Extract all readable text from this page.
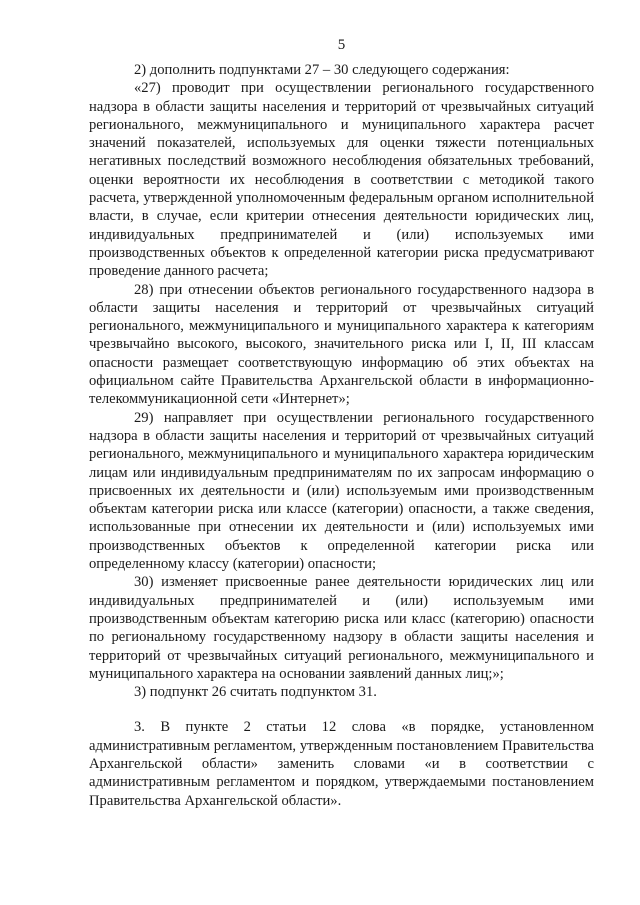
5

2) дополнить подпунктами 27 – 30 следующего содержания:

«27) проводит при осуществлении регионального государственного надзора в области защиты населения и территорий от чрезвычайных ситуаций регионального, межмуниципального и муниципального характера расчет значений показателей, используемых для оценки тяжести потенциальных негативных последствий возможного несоблюдения обязательных требований, оценки вероятности их несоблюдения в соответствии с методикой такого расчета, утвержденной уполномоченным федеральным органом исполнительной власти, в случае, если критерии отнесения деятельности юридических лиц, индивидуальных предпринимателей и (или) используемых ими производственных объектов к определенной категории риска предусматривают проведение данного расчета;

28) при отнесении объектов регионального государственного надзора в области защиты населения и территорий от чрезвычайных ситуаций регионального, межмуниципального и муниципального характера к категориям чрезвычайно высокого, высокого, значительного риска или I, II, III классам опасности размещает соответствующую информацию об этих объектах на официальном сайте Правительства Архангельской области в информационно-телекоммуникационной сети «Интернет»;

29) направляет при осуществлении регионального государственного надзора в области защиты населения и территорий от чрезвычайных ситуаций регионального, межмуниципального и муниципального характера юридическим лицам или индивидуальным предпринимателям по их запросам информацию о присвоенных их деятельности и (или) используемым ими производственным объектам категории риска или классе (категории) опасности, а также сведения, использованные при отнесении их деятельности и (или) используемых ими производственных объектов к определенной категории риска или определенному классу (категории) опасности;

30) изменяет присвоенные ранее деятельности юридических лиц или индивидуальных предпринимателей и (или) используемым ими производственным объектам категорию риска или класс (категорию) опасности по региональному государственному надзору в области защиты населения и территорий от чрезвычайных ситуаций регионального, межмуниципального и муниципального характера на основании заявлений данных лиц;»;

3) подпункт 26 считать подпунктом 31.

3. В пункте 2 статьи 12 слова «в порядке, установленном административным регламентом, утвержденным постановлением Правительства Архангельской области» заменить словами «и в соответствии с административным регламентом и порядком, утверждаемыми постановлением Правительства Архангельской области».
